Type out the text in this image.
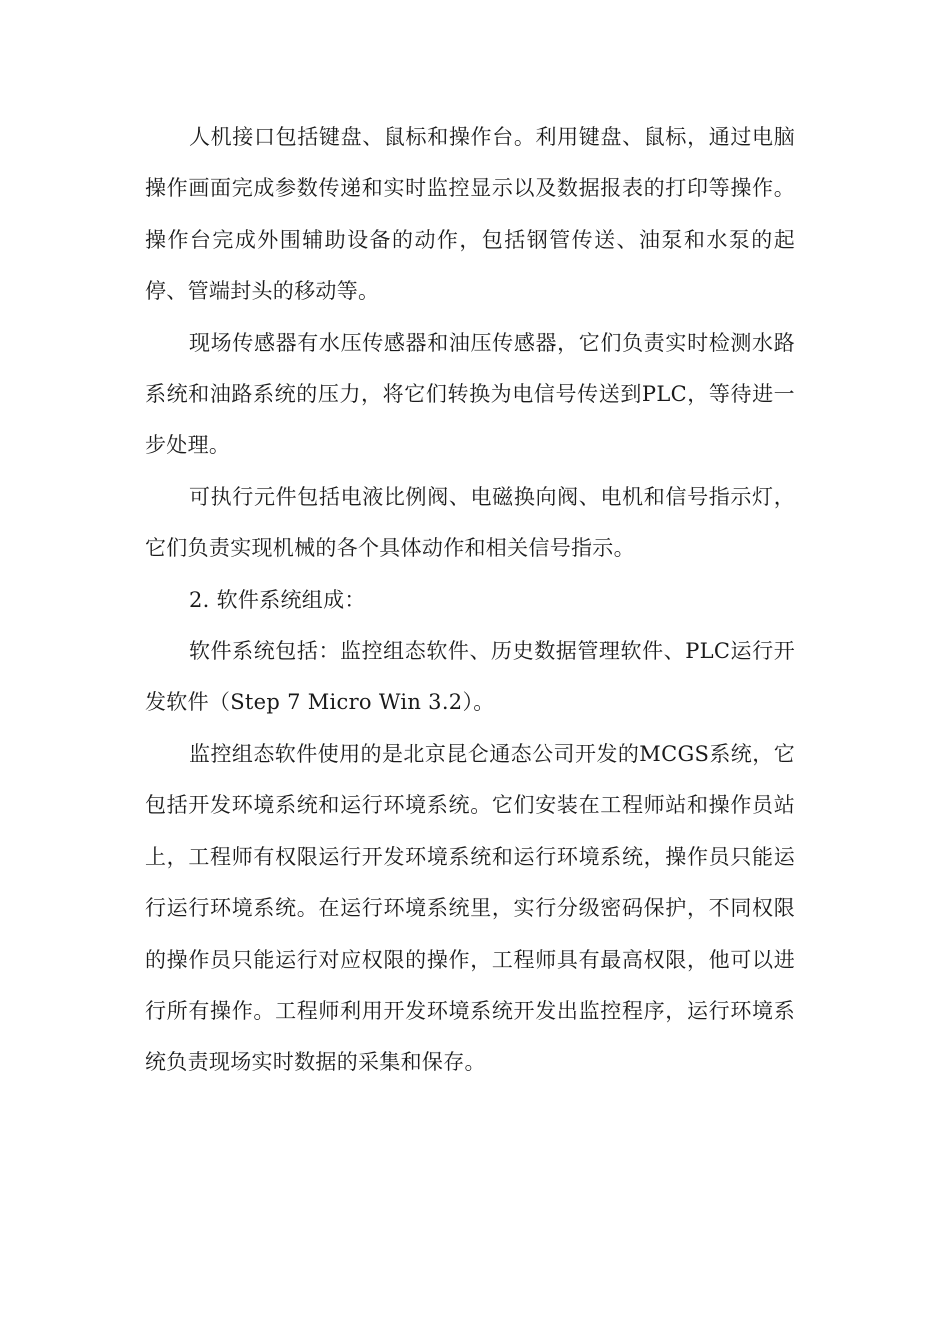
人机接口包括键盘、鼠标和操作台。利用键盘、鼠标，通过电脑操作画面完成参数传递和实时监控显示以及数据报表的打印等操作。操作台完成外围辅助设备的动作，包括钢管传送、油泵和水泵的起停、管端封头的移动等。

现场传感器有水压传感器和油压传感器，它们负责实时检测水路系统和油路系统的压力，将它们转换为电信号传送到PLC，等待进一步处理。

可执行元件包括电液比例阀、电磁换向阀、电机和信号指示灯，它们负责实现机械的各个具体动作和相关信号指示。

2. 软件系统组成：

软件系统包括：监控组态软件、历史数据管理软件、PLC运行开发软件（Step 7 Micro Win 3.2）。

监控组态软件使用的是北京昆仑通态公司开发的MCGS系统，它包括开发环境系统和运行环境系统。它们安装在工程师站和操作员站上，工程师有权限运行开发环境系统和运行环境系统，操作员只能运行运行环境系统。在运行环境系统里，实行分级密码保护，不同权限的操作员只能运行对应权限的操作，工程师具有最高权限，他可以进行所有操作。工程师利用开发环境系统开发出监控程序，运行环境系统负责现场实时数据的采集和保存。
